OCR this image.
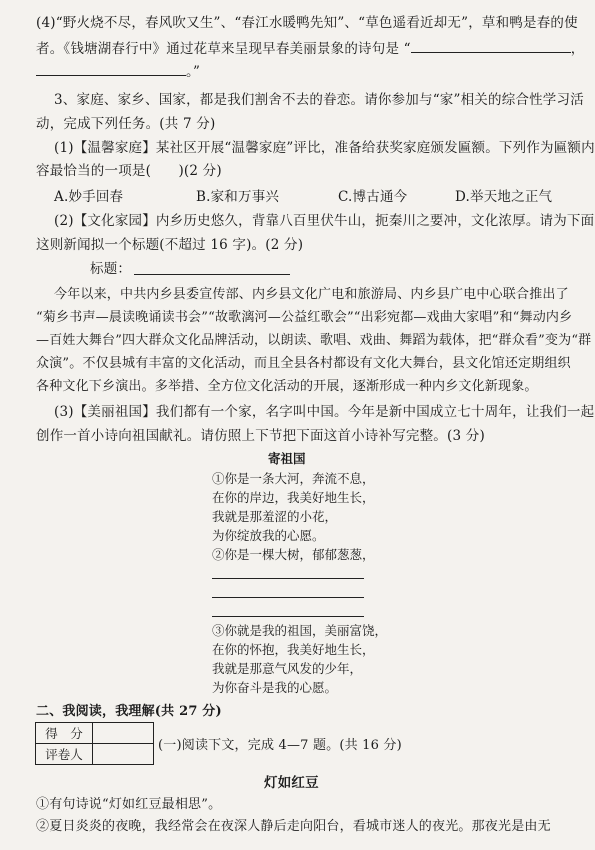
(4)“野火烧不尽，春风吹又生”、“春江水暖鸭先知”、“草色遥看近却无”，草和鸭是春的使
者。《钱塘湖春行中》通过花草来呈现早春美丽景象的诗句是 “	，
。”
3、家庭、家乡、国家，都是我们割舍不去的眷恋。请你参加与“家”相关的综合性学习活
动，完成下列任务。(共 7 分)
(1)【温馨家庭】某社区开展“温馨家庭”评比，准备给获奖家庭颁发匾额。下列作为匾额内
容最恰当的一项是(　　)(2 分)
A.妙手回春	B.家和万事兴	C.博古通今	D.举天地之正气
(2)【文化家园】内乡历史悠久，背靠八百里伏牛山，扼秦川之要冲，文化浓厚。请为下面
这则新闻拟一个标题(不超过 16 字)。(2 分)
标题：
今年以来，中共内乡县委宣传部、内乡县文化广电和旅游局、内乡县广电中心联合推出了
“菊乡书声—晨读晚诵读书会”“故歌漓河—公益红歌会”“出彩宛都—戏曲大家唱”和“舞动内乡
—百姓大舞台”四大群众文化品牌活动，以朗读、歌唱、戏曲、舞蹈为载体，把“群众看”变为“群
众演”。不仅县城有丰富的文化活动，而且全县各村都设有文化大舞台，县文化馆还定期组织
各种文化下乡演出。多举措、全方位文化活动的开展，逐渐形成一种内乡文化新现象。
(3)【美丽祖国】我们都有一个家，名字叫中国。今年是新中国成立七十周年，让我们一起
创作一首小诗向祖国献礼。请仿照上下节把下面这首小诗补写完整。(3 分)
寄祖国
①你是一条大河，奔流不息，
在你的岸边，我美好地生长，
我就是那羞涩的小花，
为你绽放我的心愿。
②你是一棵大树，郁郁葱葱，
③你就是我的祖国，美丽富饶，
在你的怀抱，我美好地生长，
我就是那意气风发的少年，
二、我阅读，我理解(共 27 分)
得　分	
评卷人	
(一)阅读下文，完成 4—7 题。(共 16 分)
灯如红豆
①有句诗说“灯如红豆最相思”。
②夏日炎炎的夜晚，我经常会在夜深人静后走向阳台，看城市迷人的夜光。那夜光是由无
为你奋斗是我的心愿。
